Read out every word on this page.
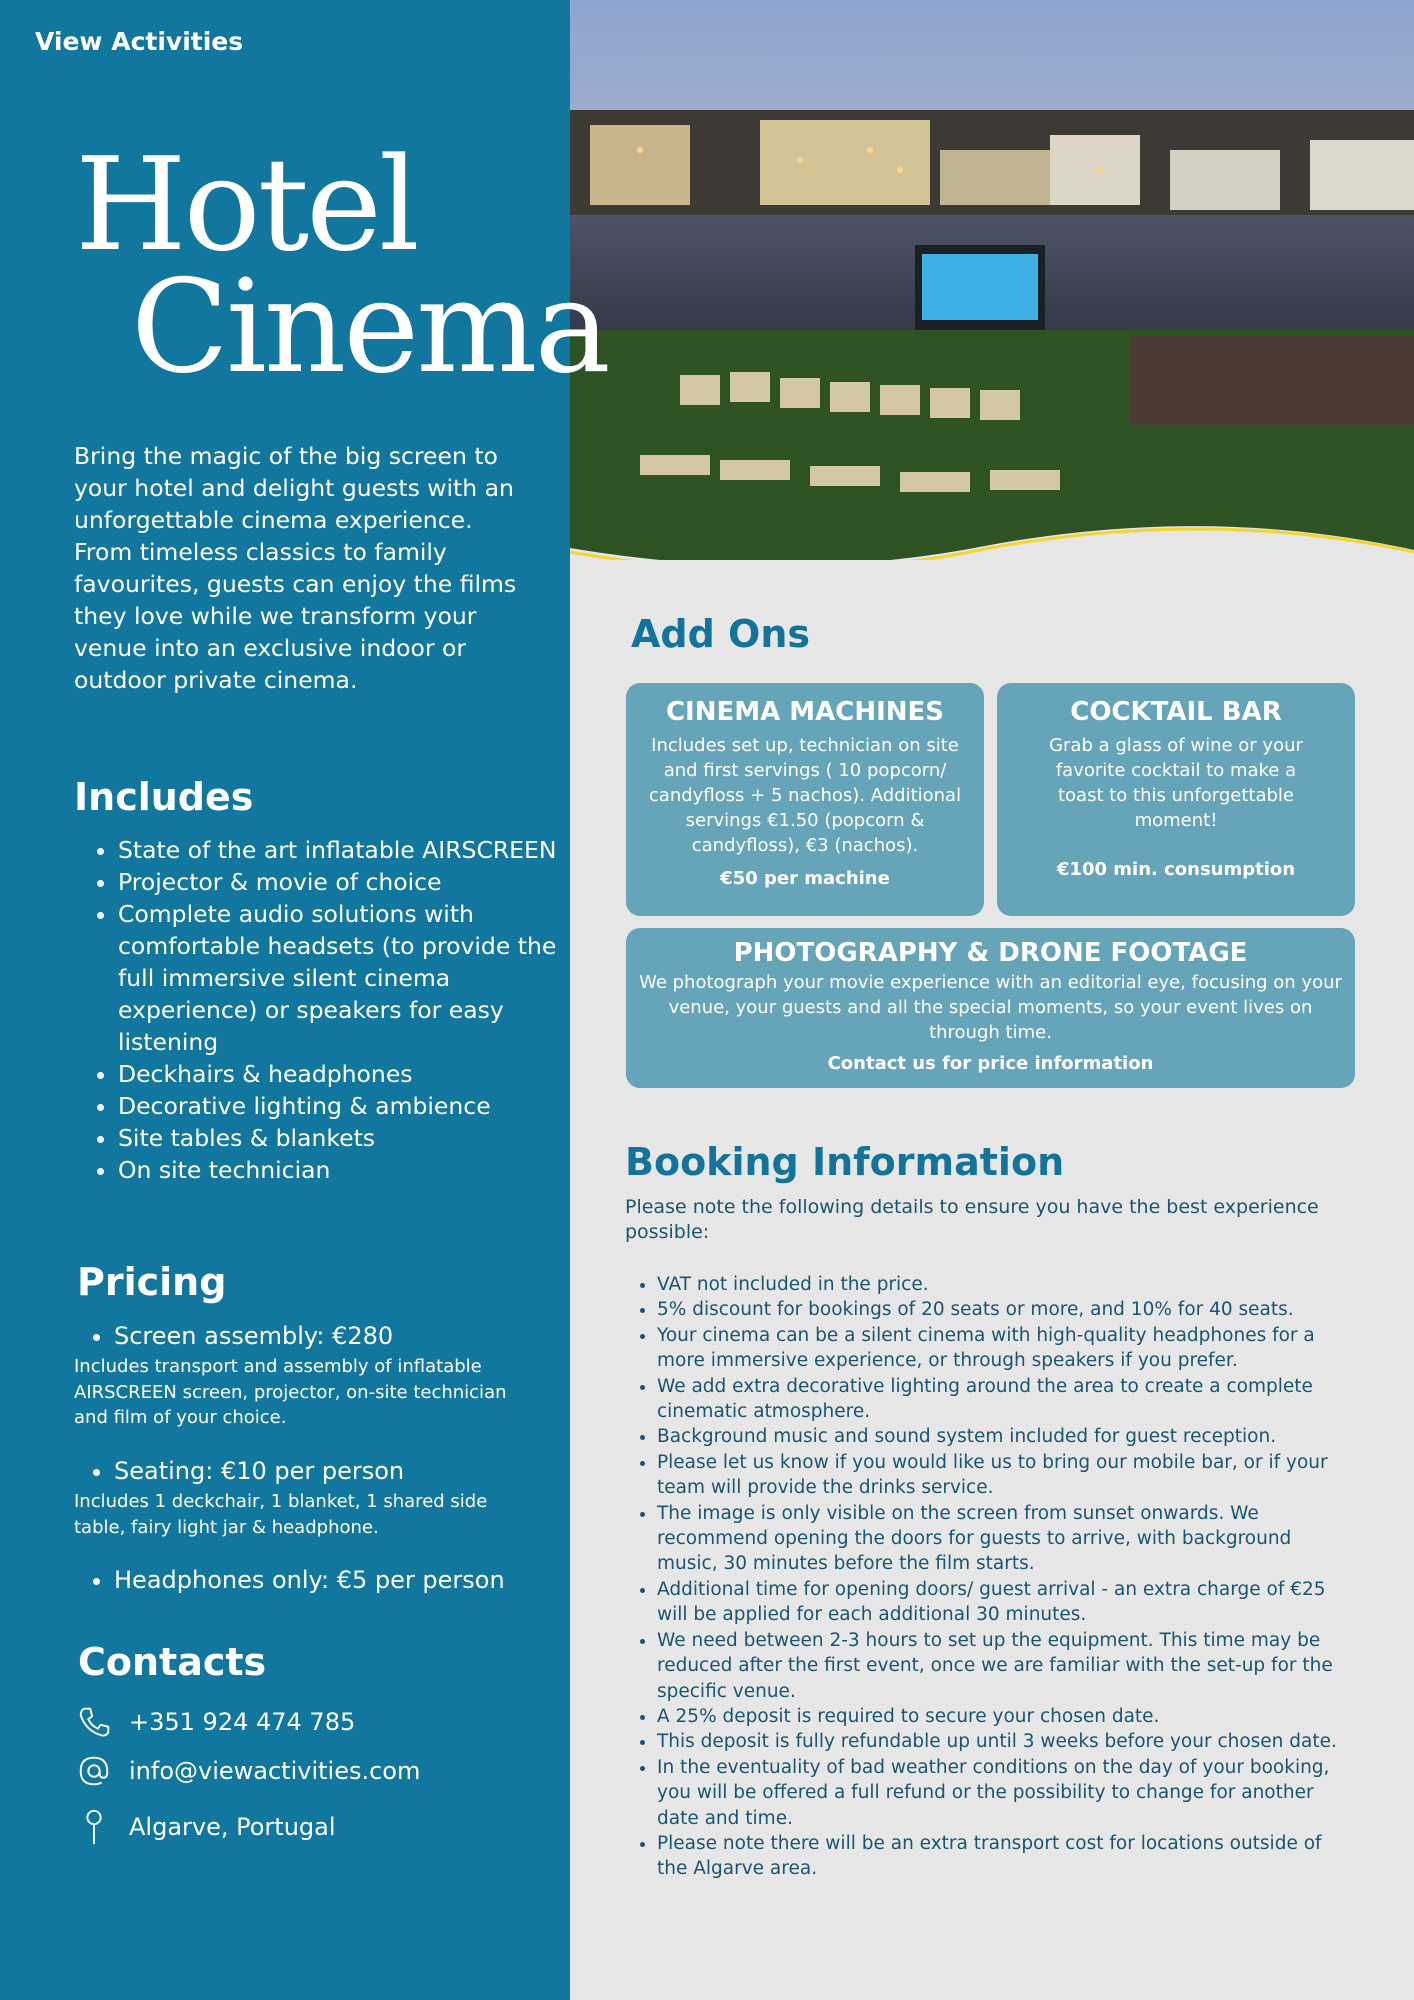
View Activities
Bring the magic of the big screen to your hotel and delight guests with an unforgettable cinema experience. From timeless classics to family favourites, guests can enjoy the films they love while we transform your venue into an exclusive indoor or outdoor private cinema.
Includes
• State of the art inflatable AIRSCREEN
• Projector & movie of choice
• Complete audio solutions with comfortable headsets (to provide the full immersive silent cinema experience) or speakers for easy listening
• Deckhairs & headphones
• Decorative lighting & ambience
• Site tables & blankets
• On site technician
Pricing
• Screen assembly: €280
Includes transport and assembly of inflatable AIRSCREEN screen, projector, on-site technician and film of your choice.
• Seating: €10 per person
Includes 1 deckchair, 1 blanket, 1 shared side table, fairy light jar & headphone.
• Headphones only: €5 per person
Contacts
+351 924 474 785
info@viewactivities.com
Algarve, Portugal
Hotel
Cinema
Add Ons
CINEMA MACHINES

Includes set up, technician on site and first servings ( 10 popcorn/ candyfloss + 5 nachos). Additional servings €1.50 (popcorn & candyfloss), €3 (nachos).

€50 per machine
COCKTAIL BAR

Grab a glass of wine or your favorite cocktail to make a toast to this unforgettable moment!

€100 min. consumption
PHOTOGRAPHY & DRONE FOOTAGE

We photograph your movie experience with an editorial eye, focusing on your venue, your guests and all the special moments, so your event lives on through time.

Contact us for price information
Booking Information
Please note the following details to ensure you have the best experience possible:
• VAT not included in the price.
• 5% discount for bookings of 20 seats or more, and 10% for 40 seats.
• Your cinema can be a silent cinema with high-quality headphones for a more immersive experience, or through speakers if you prefer.
• We add extra decorative lighting around the area to create a complete cinematic atmosphere.
• Background music and sound system included for guest reception.
• Please let us know if you would like us to bring our mobile bar, or if your team will provide the drinks service.
• The image is only visible on the screen from sunset onwards. We recommend opening the doors for guests to arrive, with background music, 30 minutes before the film starts.
• Additional time for opening doors/ guest arrival - an extra charge of €25 will be applied for each additional 30 minutes.
• We need between 2-3 hours to set up the equipment. This time may be reduced after the first event, once we are familiar with the set-up for the specific venue.
• A 25% deposit is required to secure your chosen date.
• This deposit is fully refundable up until 3 weeks before your chosen date.
• In the eventuality of bad weather conditions on the day of your booking, you will be offered a full refund or the possibility to change for another date and time.
• Please note there will be an extra transport cost for locations outside of the Algarve area.
